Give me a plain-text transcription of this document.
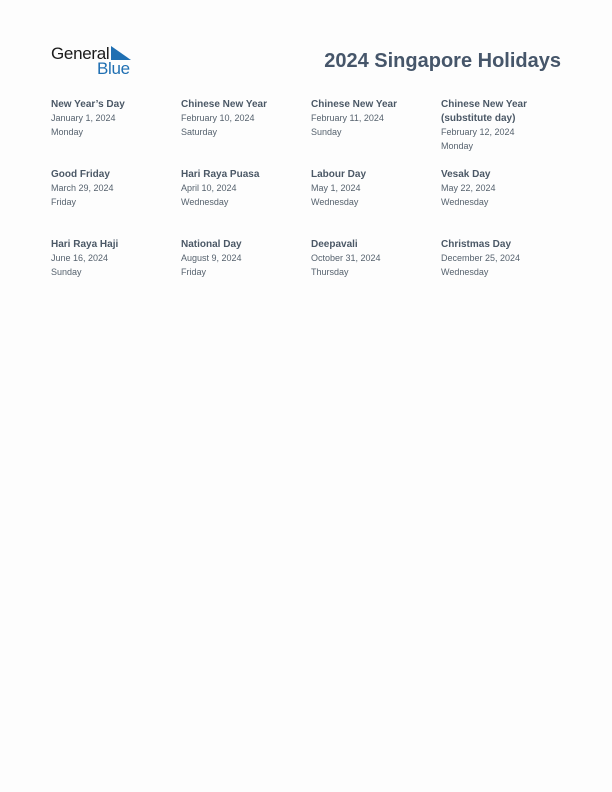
General
Blue	2024 Singapore Holidays
New Year’s Day
January 1, 2024
Monday
Chinese New Year
February 10, 2024
Saturday
Chinese New Year
February 11, 2024
Sunday
Chinese New Year (substitute day)
February 12, 2024
Monday
Good Friday
March 29, 2024
Friday
Hari Raya Puasa
April 10, 2024
Wednesday
Labour Day
May 1, 2024
Wednesday
Vesak Day
May 22, 2024
Wednesday
Hari Raya Haji
June 16, 2024
Sunday
National Day
August 9, 2024
Friday
Deepavali
October 31, 2024
Thursday
Christmas Day
December 25, 2024
Wednesday
